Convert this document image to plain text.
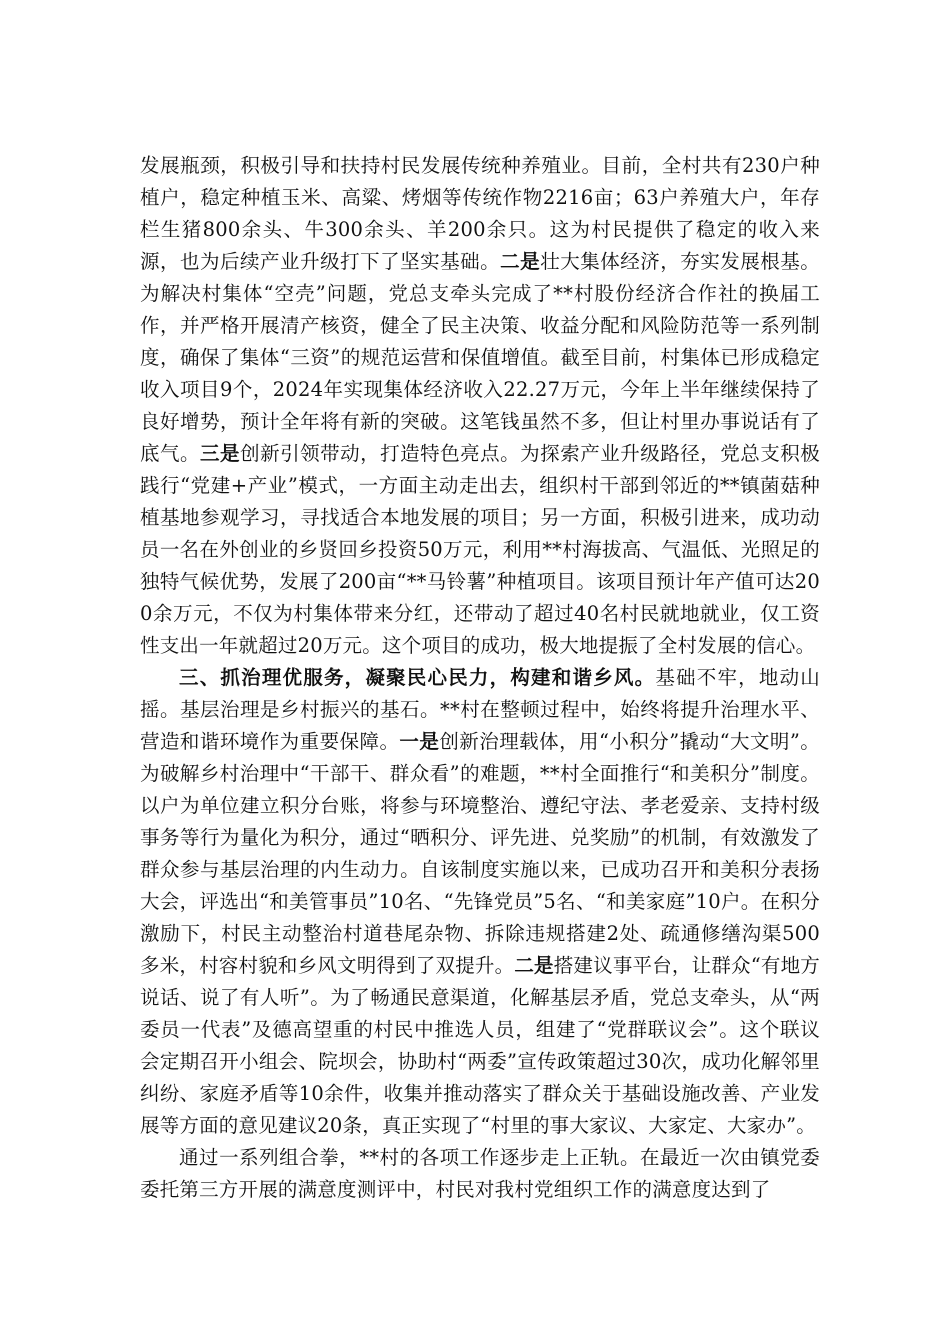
发展瓶颈，积极引导和扶持村民发展传统种养殖业。目前，全村共有230户种植户，稳定种植玉米、高粱、烤烟等传统作物2216亩；63户养殖大户，年存栏生猪800余头、牛300余头、羊200余只。这为村民提供了稳定的收入来源，也为后续产业升级打下了坚实基础。二是壮大集体经济，夯实发展根基。为解决村集体“空壳”问题，党总支牵头完成了**村股份经济合作社的换届工作，并严格开展清产核资，健全了民主决策、收益分配和风险防范等一系列制度，确保了集体“三资”的规范运营和保值增值。截至目前，村集体已形成稳定收入项目9个，2024年实现集体经济收入22.27万元，今年上半年继续保持了良好增势，预计全年将有新的突破。这笔钱虽然不多，但让村里办事说话有了底气。三是创新引领带动，打造特色亮点。为探索产业升级路径，党总支积极践行“党建+产业”模式，一方面主动走出去，组织村干部到邻近的**镇菌菇种植基地参观学习，寻找适合本地发展的项目；另一方面，积极引进来，成功动员一名在外创业的乡贤回乡投资50万元，利用**村海拔高、气温低、光照足的独特气候优势，发展了200亩“**马铃薯”种植项目。该项目预计年产值可达200余万元，不仅为村集体带来分红，还带动了超过40名村民就地就业，仅工资性支出一年就超过20万元。这个项目的成功，极大地提振了全村发展的信心。

三、抓治理优服务，凝聚民心民力，构建和谐乡风。基础不牢，地动山摇。基层治理是乡村振兴的基石。**村在整顿过程中，始终将提升治理水平、营造和谐环境作为重要保障。一是创新治理载体，用“小积分”撬动“大文明”。为破解乡村治理中“干部干、群众看”的难题，**村全面推行“和美积分”制度。以户为单位建立积分台账，将参与环境整治、遵纪守法、孝老爱亲、支持村级事务等行为量化为积分，通过“晒积分、评先进、兑奖励”的机制，有效激发了群众参与基层治理的内生动力。自该制度实施以来，已成功召开和美积分表扬大会，评选出“和美管事员”10名、“先锋党员”5名、“和美家庭”10户。在积分激励下，村民主动整治村道巷尾杂物、拆除违规搭建2处、疏通修缮沟渠500多米，村容村貌和乡风文明得到了双提升。二是搭建议事平台，让群众“有地方说话、说了有人听”。为了畅通民意渠道，化解基层矛盾，党总支牵头，从“两委员一代表”及德高望重的村民中推选人员，组建了“党群联议会”。这个联议会定期召开小组会、院坝会，协助村“两委”宣传政策超过30次，成功化解邻里纠纷、家庭矛盾等10余件，收集并推动落实了群众关于基础设施改善、产业发展等方面的意见建议20条，真正实现了“村里的事大家议、大家定、大家办”。

通过一系列组合拳，**村的各项工作逐步走上正轨。在最近一次由镇党委委托第三方开展的满意度测评中，村民对我村党组织工作的满意度达到了
